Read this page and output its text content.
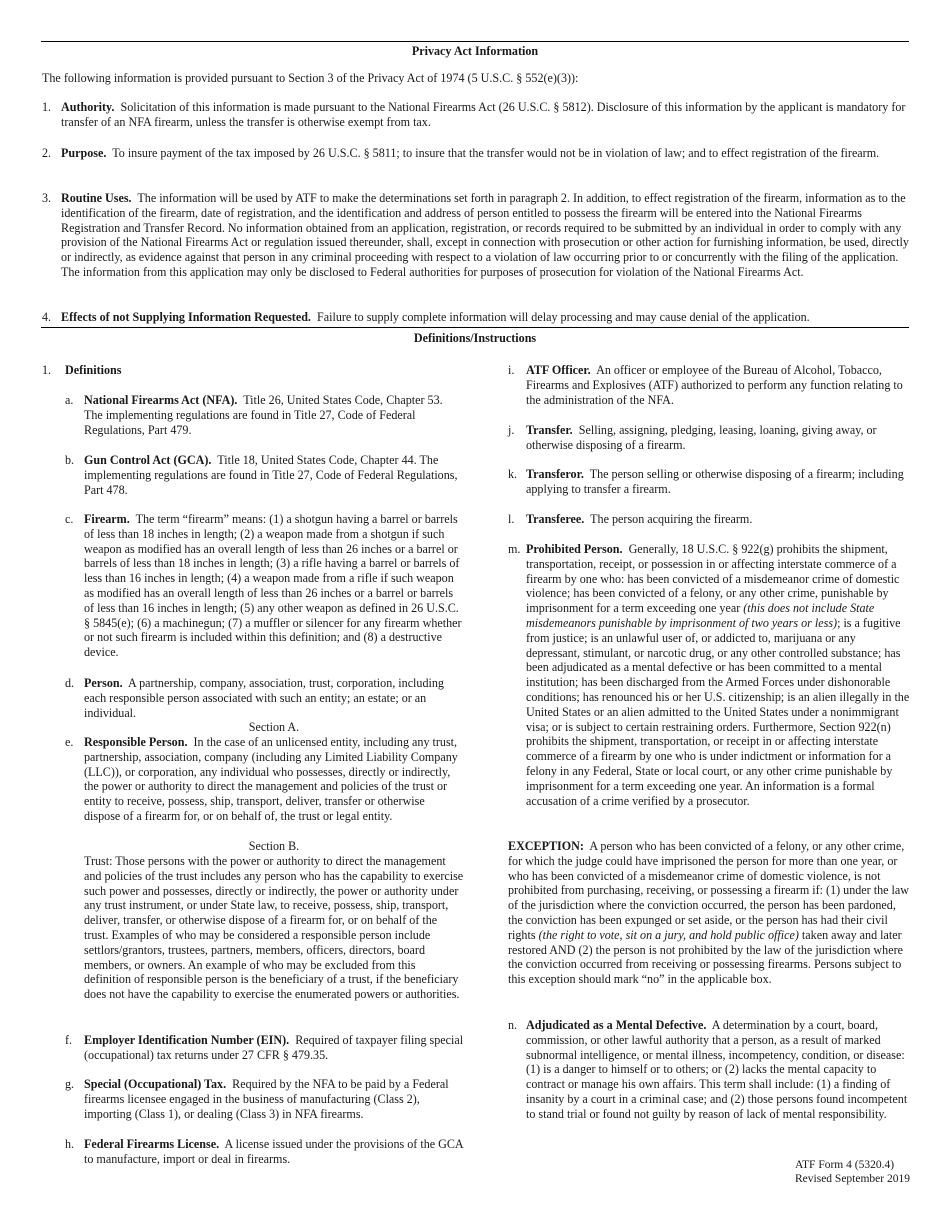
Privacy Act Information
The following information is provided pursuant to Section 3 of the Privacy Act of 1974 (5 U.S.C. § 552(e)(3)):
1. Authority. Solicitation of this information is made pursuant to the National Firearms Act (26 U.S.C. § 5812). Disclosure of this information by the applicant is mandatory for transfer of an NFA firearm, unless the transfer is otherwise exempt from tax.
2. Purpose. To insure payment of the tax imposed by 26 U.S.C. § 5811; to insure that the transfer would not be in violation of law; and to effect registration of the firearm.
3. Routine Uses. The information will be used by ATF to make the determinations set forth in paragraph 2. In addition, to effect registration of the firearm, information as to the identification of the firearm, date of registration, and the identification and address of person entitled to possess the firearm will be entered into the National Firearms Registration and Transfer Record. No information obtained from an application, registration, or records required to be submitted by an individual in order to comply with any provision of the National Firearms Act or regulation issued thereunder, shall, except in connection with prosecution or other action for furnishing information, be used, directly or indirectly, as evidence against that person in any criminal proceeding with respect to a violation of law occurring prior to or concurrently with the filing of the application. The information from this application may only be disclosed to Federal authorities for purposes of prosecution for violation of the National Firearms Act.
4. Effects of not Supplying Information Requested. Failure to supply complete information will delay processing and may cause denial of the application.
Definitions/Instructions
1. Definitions
a. National Firearms Act (NFA). Title 26, United States Code, Chapter 53. The implementing regulations are found in Title 27, Code of Federal Regulations, Part 479.
b. Gun Control Act (GCA). Title 18, United States Code, Chapter 44. The implementing regulations are found in Title 27, Code of Federal Regulations, Part 478.
c. Firearm. The term “firearm” means: (1) a shotgun having a barrel or barrels of less than 18 inches in length; (2) a weapon made from a shotgun if such weapon as modified has an overall length of less than 26 inches or a barrel or barrels of less than 18 inches in length; (3) a rifle having a barrel or barrels of less than 16 inches in length; (4) a weapon made from a rifle if such weapon as modified has an overall length of less than 26 inches or a barrel or barrels of less than 16 inches in length; (5) any other weapon as defined in 26 U.S.C. § 5845(e); (6) a machinegun; (7) a muffler or silencer for any firearm whether or not such firearm is included within this definition; and (8) a destructive device.
d. Person. A partnership, company, association, trust, corporation, including each responsible person associated with such an entity; an estate; or an individual.
Section A.
e. Responsible Person. In the case of an unlicensed entity, including any trust, partnership, association, company (including any Limited Liability Company (LLC)), or corporation, any individual who possesses, directly or indirectly, the power or authority to direct the management and policies of the trust or entity to receive, possess, ship, transport, deliver, transfer or otherwise dispose of a firearm for, or on behalf of, the trust or legal entity.
Section B.
Trust: Those persons with the power or authority to direct the management and policies of the trust includes any person who has the capability to exercise such power and possesses, directly or indirectly, the power or authority under any trust instrument, or under State law, to receive, possess, ship, transport, deliver, transfer, or otherwise dispose of a firearm for, or on behalf of the trust. Examples of who may be considered a responsible person include settlors/grantors, trustees, partners, members, officers, directors, board members, or owners. An example of who may be excluded from this definition of responsible person is the beneficiary of a trust, if the beneficiary does not have the capability to exercise the enumerated powers or authorities.
f. Employer Identification Number (EIN). Required of taxpayer filing special (occupational) tax returns under 27 CFR § 479.35.
g. Special (Occupational) Tax. Required by the NFA to be paid by a Federal firearms licensee engaged in the business of manufacturing (Class 2), importing (Class 1), or dealing (Class 3) in NFA firearms.
h. Federal Firearms License. A license issued under the provisions of the GCA to manufacture, import or deal in firearms.
i. ATF Officer. An officer or employee of the Bureau of Alcohol, Tobacco, Firearms and Explosives (ATF) authorized to perform any function relating to the administration of the NFA.
j. Transfer. Selling, assigning, pledging, leasing, loaning, giving away, or otherwise disposing of a firearm.
k. Transferor. The person selling or otherwise disposing of a firearm; including applying to transfer a firearm.
l. Transferee. The person acquiring the firearm.
m. Prohibited Person. Generally, 18 U.S.C. § 922(g) prohibits the shipment, transportation, receipt, or possession in or affecting interstate commerce of a firearm by one who: has been convicted of a misdemeanor crime of domestic violence; has been convicted of a felony, or any other crime, punishable by imprisonment for a term exceeding one year (this does not include State misdemeanors punishable by imprisonment of two years or less); is a fugitive from justice; is an unlawful user of, or addicted to, marijuana or any depressant, stimulant, or narcotic drug, or any other controlled substance; has been adjudicated as a mental defective or has been committed to a mental institution; has been discharged from the Armed Forces under dishonorable conditions; has renounced his or her U.S. citizenship; is an alien illegally in the United States or an alien admitted to the United States under a nonimmigrant visa; or is subject to certain restraining orders. Furthermore, Section 922(n) prohibits the shipment, transportation, or receipt in or affecting interstate commerce of a firearm by one who is under indictment or information for a felony in any Federal, State or local court, or any other crime punishable by imprisonment for a term exceeding one year. An information is a formal accusation of a crime verified by a prosecutor.
EXCEPTION: A person who has been convicted of a felony, or any other crime, for which the judge could have imprisoned the person for more than one year, or who has been convicted of a misdemeanor crime of domestic violence, is not prohibited from purchasing, receiving, or possessing a firearm if: (1) under the law of the jurisdiction where the conviction occurred, the person has been pardoned, the conviction has been expunged or set aside, or the person has had their civil rights (the right to vote, sit on a jury, and hold public office) taken away and later restored AND (2) the person is not prohibited by the law of the jurisdiction where the conviction occurred from receiving or possessing firearms. Persons subject to this exception should mark “no” in the applicable box.
n. Adjudicated as a Mental Defective. A determination by a court, board, commission, or other lawful authority that a person, as a result of marked subnormal intelligence, or mental illness, incompetency, condition, or disease: (1) is a danger to himself or to others; or (2) lacks the mental capacity to contract or manage his own affairs. This term shall include: (1) a finding of insanity by a court in a criminal case; and (2) those persons found incompetent to stand trial or found not guilty by reason of lack of mental responsibility.
ATF Form 4 (5320.4)
Revised September 2019
